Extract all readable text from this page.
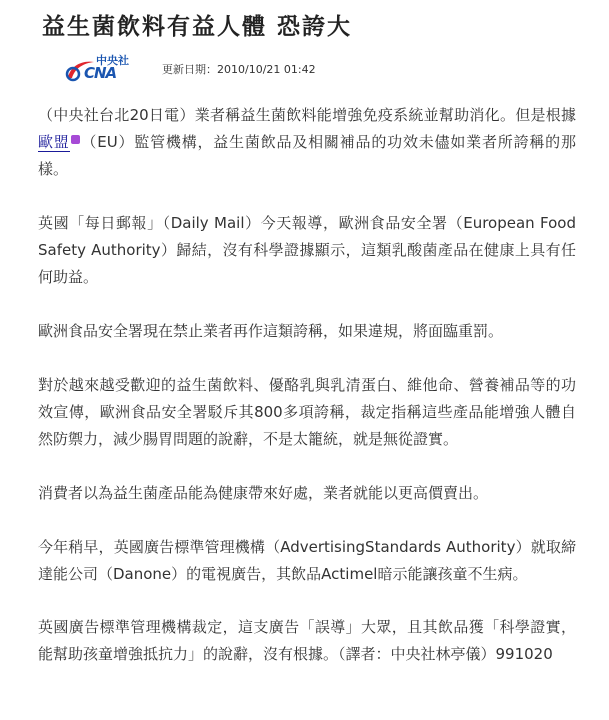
益生菌飲料有益人體 恐誇大
中央社
CNA	更新日期：2010/10/21 01:42

（中央社台北20日電）業者稱益生菌飲料能增強免疫系統並幫助消化。但是根據歐盟 （EU）監管機構，益生菌飲品及相關補品的功效未儘如業者所誇稱的那樣。

英國「每日郵報」（Daily Mail）今天報導，歐洲食品安全署（European Food Safety Authority）歸結，沒有科學證據顯示，這類乳酸菌產品在健康上具有任何助益。

歐洲食品安全署現在禁止業者再作這類誇稱，如果違規，將面臨重罰。

對於越來越受歡迎的益生菌飲料、優酪乳與乳清蛋白、維他命、營養補品等的功效宣傳，歐洲食品安全署駁斥其800多項誇稱，裁定指稱這些產品能增強人體自然防禦力，減少腸胃問題的說辭，不是太籠統，就是無從證實。

消費者以為益生菌產品能為健康帶來好處，業者就能以更高價賣出。

今年稍早，英國廣告標準管理機構（AdvertisingStandards Authority）就取締達能公司（Danone）的電視廣告，其飲品Actimel暗示能讓孩童不生病。

英國廣告標準管理機構裁定，這支廣告「誤導」大眾，且其飲品獲「科學證實，能幫助孩童增強抵抗力」的說辭，沒有根據。（譯者：中央社林亭儀）991020
